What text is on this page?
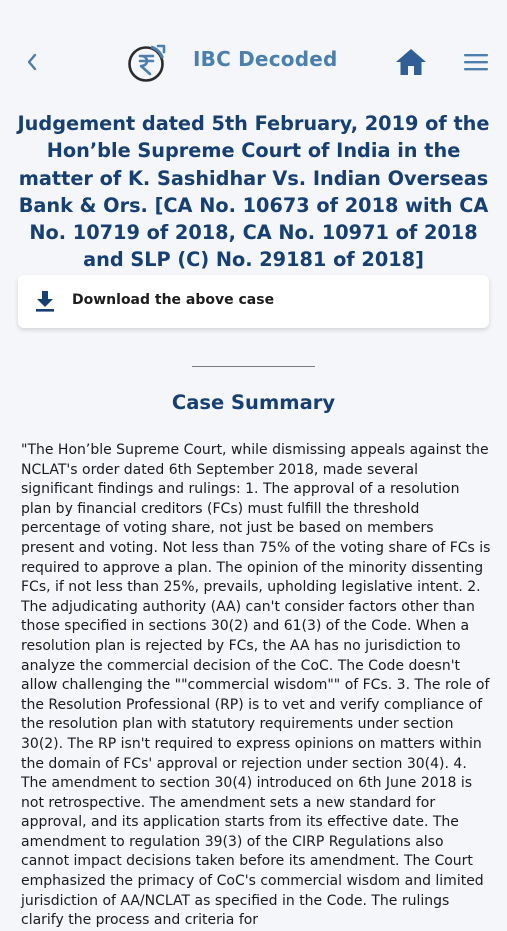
IBC Decoded
Judgement dated 5th February, 2019 of the Hon’ble Supreme Court of India in the matter of K. Sashidhar Vs. Indian Overseas Bank & Ors. [CA No. 10673 of 2018 with CA No. 10719 of 2018, CA No. 10971 of 2018 and SLP (C) No. 29181 of 2018]
Download the above case
Case Summary

"The Hon’ble Supreme Court, while dismissing appeals against the NCLAT's order dated 6th September 2018, made several significant findings and rulings: 1. The approval of a resolution plan by financial creditors (FCs) must fulfill the threshold percentage of voting share, not just be based on members present and voting. Not less than 75% of the voting share of FCs is required to approve a plan. The opinion of the minority dissenting FCs, if not less than 25%, prevails, upholding legislative intent. 2. The adjudicating authority (AA) can't consider factors other than those specified in sections 30(2) and 61(3) of the Code. When a resolution plan is rejected by FCs, the AA has no jurisdiction to analyze the commercial decision of the CoC. The Code doesn't allow challenging the ""commercial wisdom"" of FCs. 3. The role of the Resolution Professional (RP) is to vet and verify compliance of the resolution plan with statutory requirements under section 30(2). The RP isn't required to express opinions on matters within the domain of FCs' approval or rejection under section 30(4). 4. The amendment to section 30(4) introduced on 6th June 2018 is not retrospective. The amendment sets a new standard for approval, and its application starts from its effective date. The amendment to regulation 39(3) of the CIRP Regulations also cannot impact decisions taken before its amendment. The Court emphasized the primacy of CoC's commercial wisdom and limited jurisdiction of AA/NCLAT as specified in the Code. The rulings clarify the process and criteria for
